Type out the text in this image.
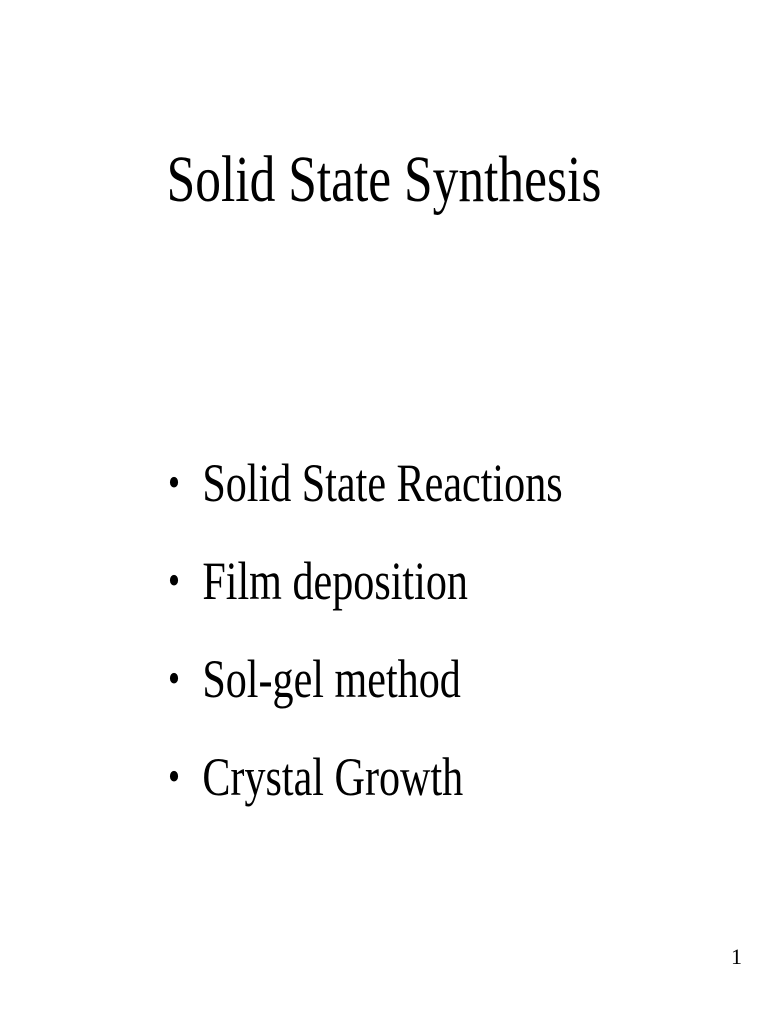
Solid State Synthesis
• Solid State Reactions
• Film deposition
• Sol-gel method
• Crystal Growth
1
